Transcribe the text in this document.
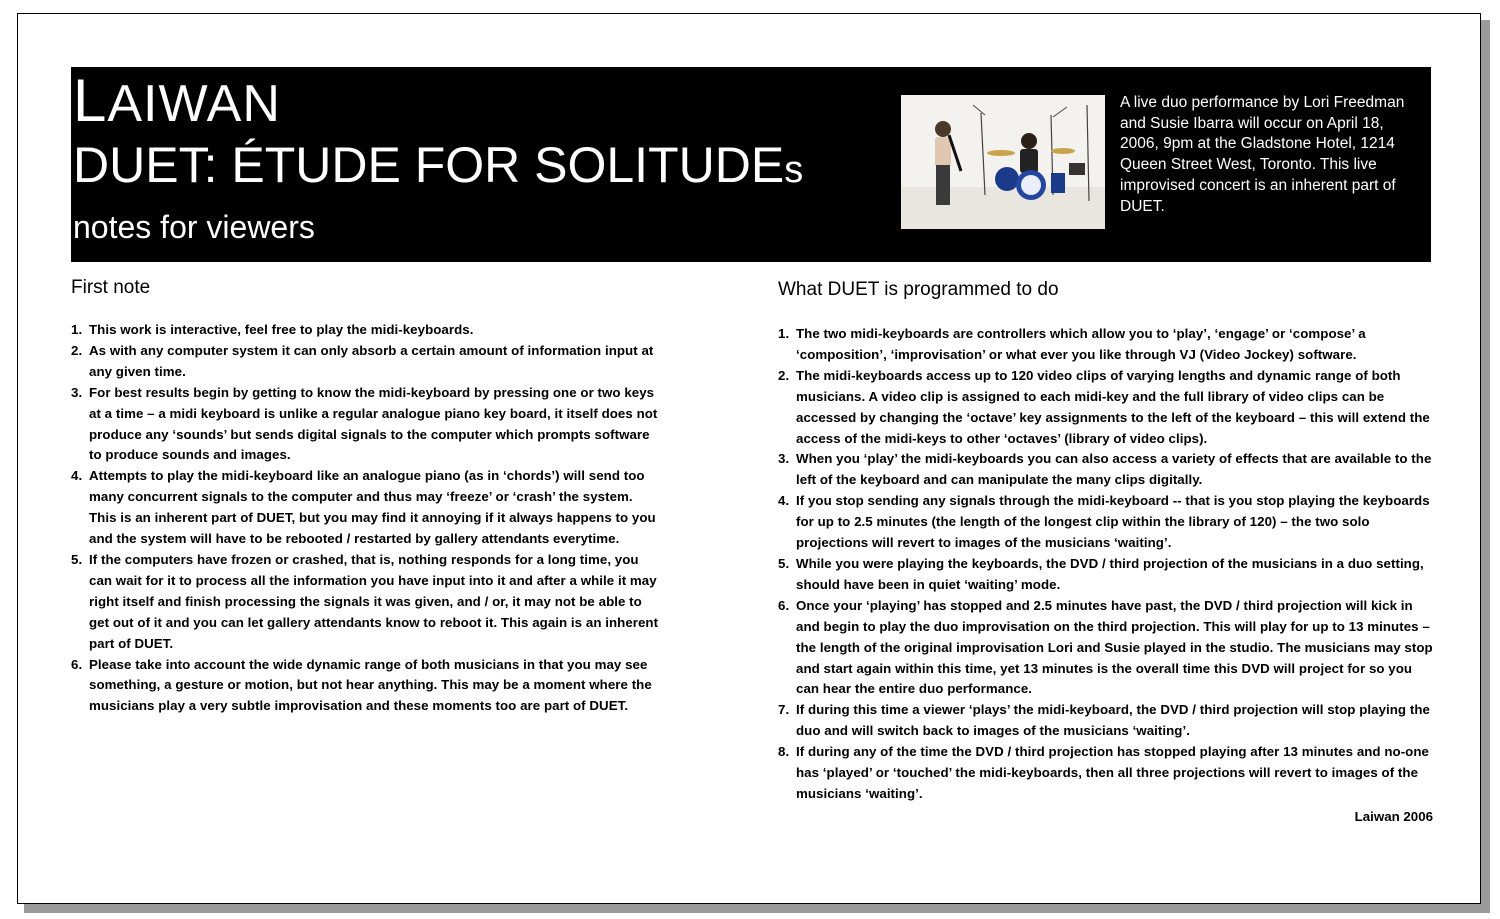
LAIWAN
DUET: ÉTUDE FOR SOLITUDEs
notes for viewers
A live duo performance by Lori Freedman and Susie Ibarra will occur on April 18, 2006, 9pm at the Gladstone Hotel, 1214 Queen Street West, Toronto. This live improvised concert is an inherent part of DUET.
First note
1. This work is interactive, feel free to play the midi-keyboards.
2. As with any computer system it can only absorb a certain amount of information input at any given time.
3. For best results begin by getting to know the midi-keyboard by pressing one or two keys at a time – a midi keyboard is unlike a regular analogue piano key board, it itself does not produce any ‘sounds’ but sends digital signals to the computer which prompts software to produce sounds and images.
4. Attempts to play the midi-keyboard like an analogue piano (as in ‘chords’) will send too many concurrent signals to the computer and thus may ‘freeze’ or ‘crash’ the system. This is an inherent part of DUET, but you may find it annoying if it always happens to you and the system will have to be rebooted / restarted by gallery attendants everytime.
5. If the computers have frozen or crashed, that is, nothing responds for a long time, you can wait for it to process all the information you have input into it and after a while it may right itself and finish processing the signals it was given, and / or, it may not be able to get out of it and you can let gallery attendants know to reboot it. This again is an inherent part of DUET.
6. Please take into account the wide dynamic range of both musicians in that you may see something, a gesture or motion, but not hear anything. This may be a moment where the musicians play a very subtle improvisation and these moments too are part of DUET.
What DUET is programmed to do
1. The two midi-keyboards are controllers which allow you to ‘play’, ‘engage’ or ‘compose’ a ‘composition’, ‘improvisation’ or what ever you like through VJ (Video Jockey) software.
2. The midi-keyboards access up to 120 video clips of varying lengths and dynamic range of both musicians. A video clip is assigned to each midi-key and the full library of video clips can be accessed by changing the ‘octave’ key assignments to the left of the keyboard – this will extend the access of the midi-keys to other ‘octaves’ (library of video clips).
3. When you ‘play’ the midi-keyboards you can also access a variety of effects that are available to the left of the keyboard and can manipulate the many clips digitally.
4. If you stop sending any signals through the midi-keyboard -- that is you stop playing the keyboards for up to 2.5 minutes (the length of the longest clip within the library of 120) – the two solo projections will revert to images of the musicians ‘waiting’.
5. While you were playing the keyboards, the DVD / third projection of the musicians in a duo setting, should have been in quiet ‘waiting’ mode.
6. Once your ‘playing’ has stopped and 2.5 minutes have past, the DVD / third projection will kick in and begin to play the duo improvisation on the third projection. This will play for up to 13 minutes – the length of the original improvisation Lori and Susie played in the studio. The musicians may stop and start again within this time, yet 13 minutes is the overall time this DVD will project for so you can hear the entire duo performance.
7. If during this time a viewer ‘plays’ the midi-keyboard, the DVD / third projection will stop playing the duo and will switch back to images of the musicians ‘waiting’.
8. If during any of the time the DVD / third projection has stopped playing after 13 minutes and no-one has ‘played’ or ‘touched’ the midi-keyboards, then all three projections will revert to images of the musicians ‘waiting’.
Laiwan 2006
